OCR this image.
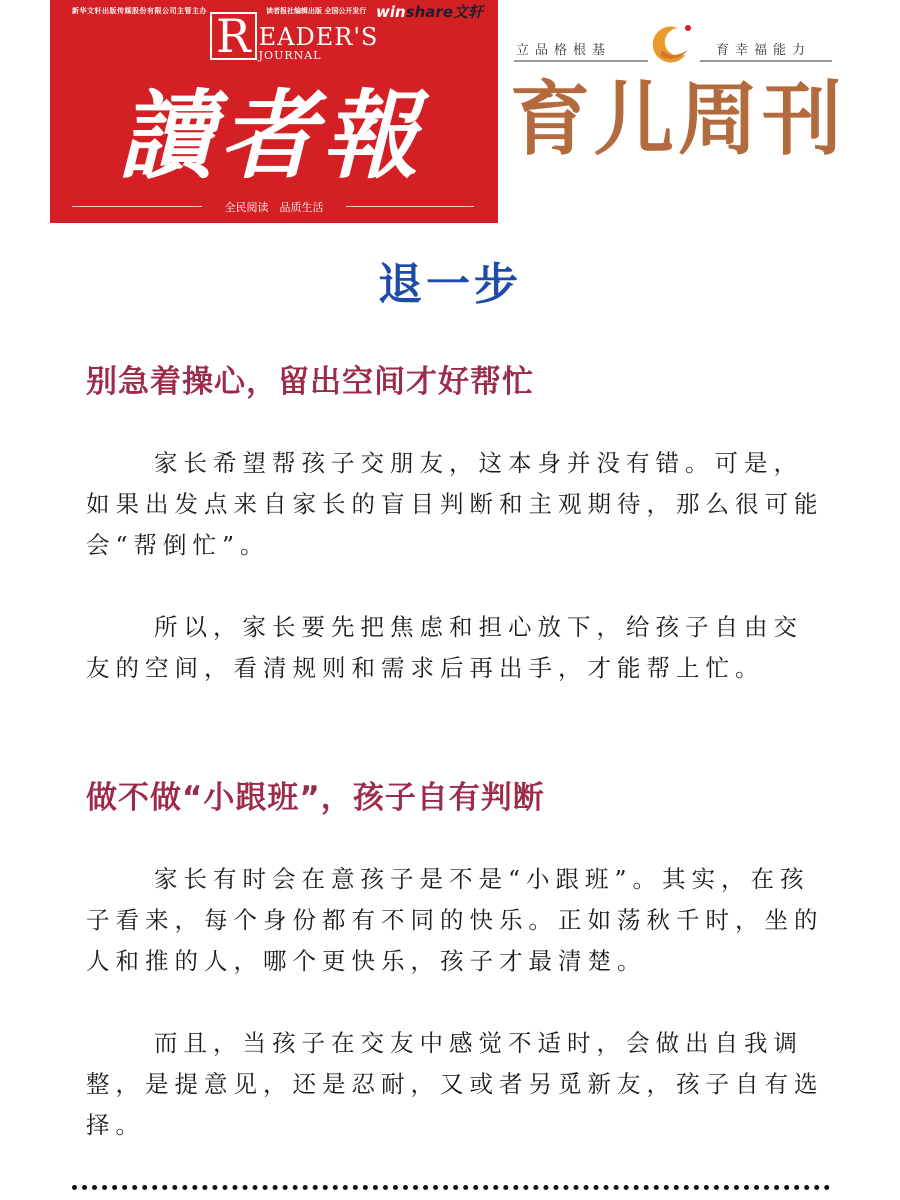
新华文轩出版传媒股份有限公司主管主办	读者报社编辑出版 全国公开发行 winshare文轩
R EADER'S
JOURNAL
讀者報
全民阅读　品质生活
立品格根基	育幸福能力
育儿周刊
退一步
别急着操心，留出空间才好帮忙
家长希望帮孩子交朋友，这本身并没有错。可是，如果出发点来自家长的盲目判断和主观期待，那么很可能会“帮倒忙”。
所以，家长要先把焦虑和担心放下，给孩子自由交友的空间，看清规则和需求后再出手，才能帮上忙。
做不做“小跟班”，孩子自有判断
家长有时会在意孩子是不是“小跟班”。其实，在孩子看来，每个身份都有不同的快乐。正如荡秋千时，坐的人和推的人，哪个更快乐，孩子才最清楚。
而且，当孩子在交友中感觉不适时，会做出自我调整，是提意见，还是忍耐，又或者另觅新友，孩子自有选择。
